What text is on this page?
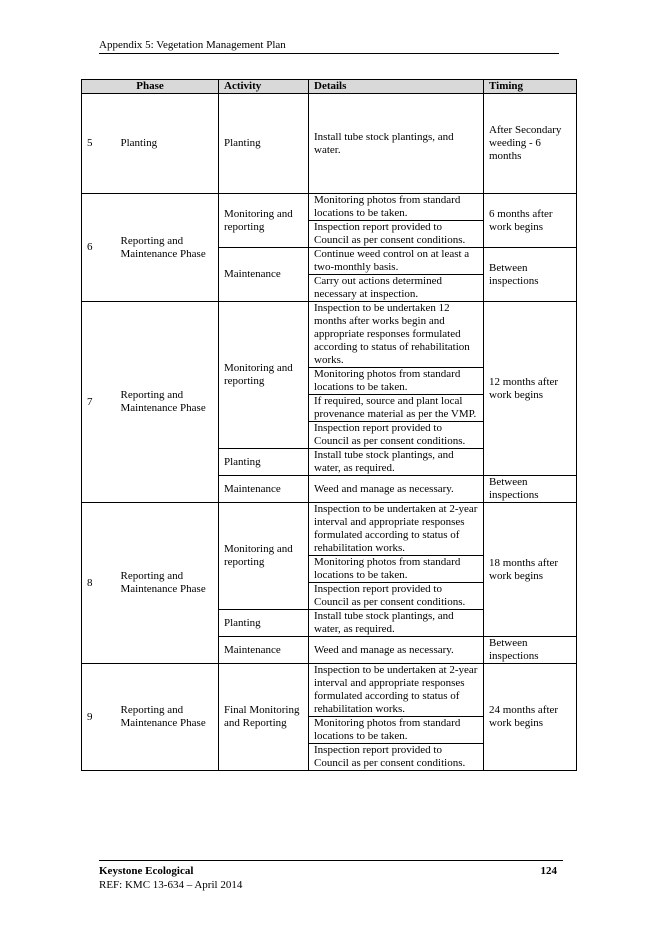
Appendix 5: Vegetation Management Plan
Phase		Activity	Details	Timing
5	Planting	Planting	Install tube stock plantings, and water.	After Secondary weeding - 6 months
6	Reporting and Maintenance Phase	Monitoring and reporting	Monitoring photos from standard locations to be taken.	6 months after work begins
			Inspection report provided to Council as per consent conditions.	
		Maintenance	Continue weed control on at least a two-monthly basis.	Between inspections
			Carry out actions determined necessary at inspection.	
7	Reporting and Maintenance Phase	Monitoring and reporting	Inspection to be undertaken 12 months after works begin and appropriate responses formulated according to status of rehabilitation works.	12 months after work begins
			Monitoring photos from standard locations to be taken.	
			If required, source and plant local provenance material as per the VMP.	
			Inspection report provided to Council as per consent conditions.	
		Planting	Install tube stock plantings, and water, as required.	
		Maintenance	Weed and manage as necessary.	Between inspections
8	Reporting and Maintenance Phase	Monitoring and reporting	Inspection to be undertaken at 2-year interval and appropriate responses formulated according to status of rehabilitation works.	18 months after work begins
			Monitoring photos from standard locations to be taken.	
			Inspection report provided to Council as per consent conditions.	
		Planting	Install tube stock plantings, and water, as required.	
		Maintenance	Weed and manage as necessary.	Between inspections
9	Reporting and Maintenance Phase	Final Monitoring and Reporting	Inspection to be undertaken at 2-year interval and appropriate responses formulated according to status of rehabilitation works.	24 months after work begins
			Monitoring photos from standard locations to be taken.	
			Inspection report provided to Council as per consent conditions.	
Keystone Ecological
REF: KMC 13-634 – April 2014
124
